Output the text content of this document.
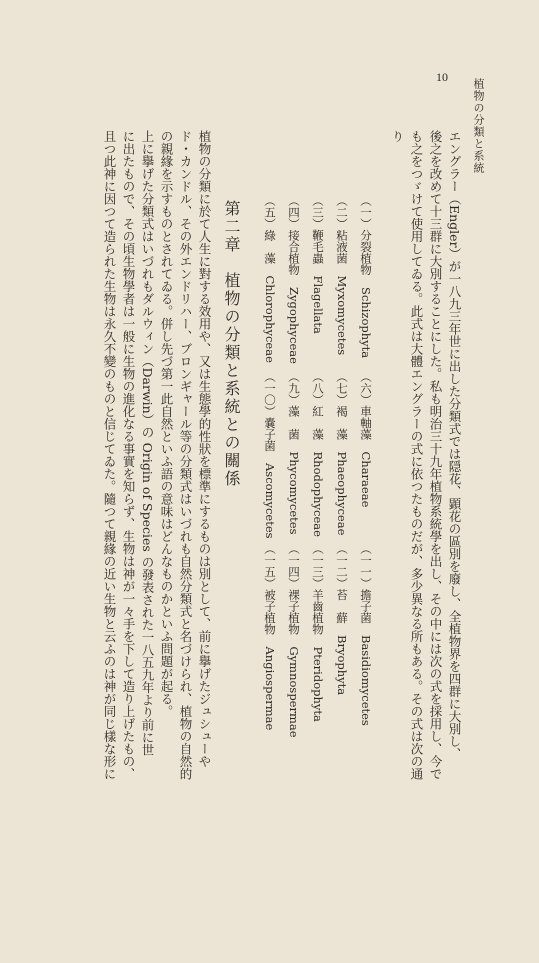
植物の分類と系統
10
エングラー（Engler）が一八九三年世に出した分類式では隠花、顕花の區別を廢し、全植物界を四群に大別し、
後之を改めて十三群に大別することにした。私も明治三十九年植物系統學を出し、その中には次の式を採用し、今で
も之をつゞけて使用してゐる。此式は大體エングラーの式に依つたものだが、多少異なる所もある。その式は次の通
り
（一）分裂植物　Schizophyta
（二）粘液菌　Myxomycetes
（三）鞭毛蟲　Flagellata
（四）接合植物　Zygophyceae
（五）綠　藻　Chlorophyceae
（六）車軸藻　Charaeae
（七）褐　藻　Phaeophyceae
（八）紅　藻　Rhodophyceae
（九）藻　菌　Phycomycetes
（一〇）嚢子菌　Ascomycetes
（一一）擔子菌　Basidiomycetes
（一二）苔　蘚　Bryophyta
（一三）羊齒植物　Pteridophyta
（一四）裸子植物　Gymnospermae
（一五）被子植物　Angiospermae
第二章　植物の分類と系統との關係
植物の分類に於て人生に對する效用や、又は生態學的性狀を標準にするものは別として、前に擧げたジュシューや
ド・カンドル、その外エンドリハー、ブロンギャール等の分類式はいづれも自然分類式と名づけられ、植物の自然的
の親緣を示すものとされてゐる。併し先づ第一此自然といふ語の意味はどんなものかといふ問題が起る。
上に擧げた分類式はいづれもダルウィン（Darwin）の Origin of Species の發表された一八五九年より前に世
に出たもので、その頃生物學者は一般に生物の進化なる事實を知らず、生物は神が一々手を下して造り上げたもの、
且つ此神に因つて造られた生物は永久不變のものと信じてゐた。隨つて親緣の近い生物と云ふのは神が同じ樣な形に
